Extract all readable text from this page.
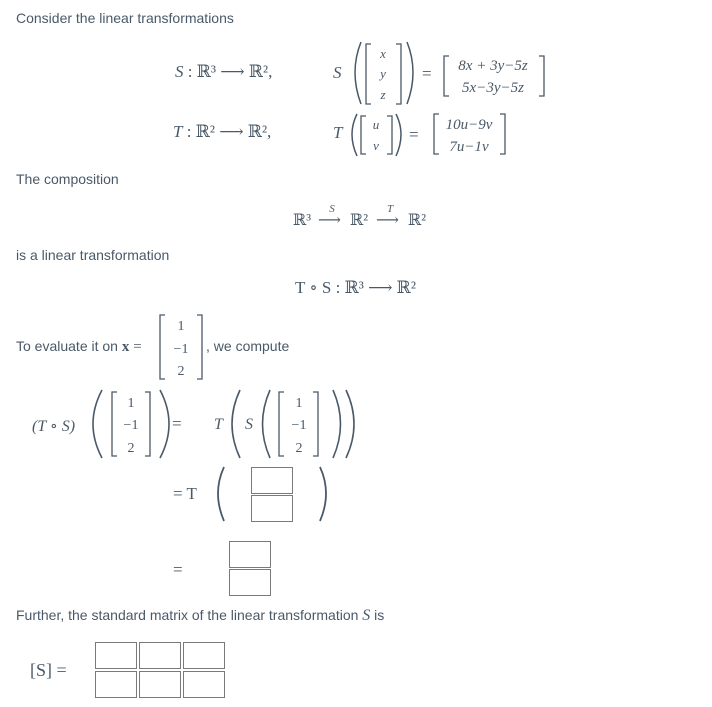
Consider the linear transformations
S : ℝ³ ⟶ ℝ²,
T : ℝ² ⟶ ℝ²,
S
x
y
z
= 8x + 3y−5z
5x−3y−5z
T u
v
= 10u−9v
7u−1v
The composition
ℝ³
S
⟶ ℝ²
T
⟶ ℝ²
is a linear transformation
T ∘ S : ℝ³ ⟶ ℝ²
To evaluate it on x =
1
−1
2
, we compute
(T ∘ S)
1
−1
2
= T S
1
−1
2
= T
=
Further, the standard matrix of the linear transformation S is
[S] =
